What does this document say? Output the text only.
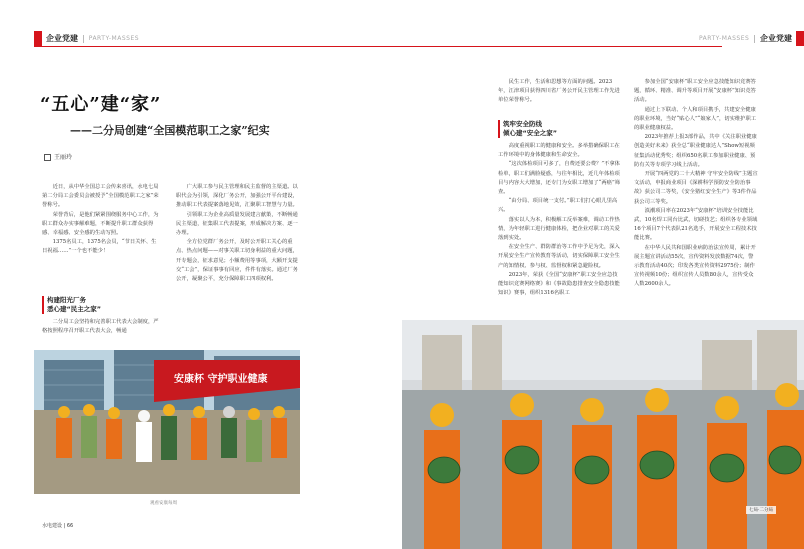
企业党建 | PARTY-MASSES
“五心”建“家”
——二分局创建“全国模范职工之家”纪实
王丽玲

近日，从中华全国总工会传来喜讯，水电七局第二分局工会委员会被授予“全国模范职工之家”荣誉称号。

荣誉背后，是他们紧紧围绕服务中心工作，为职工群众办实事解难题，不断提升职工群众获得感、幸福感、安全感的生动写照。

1375名员工，1375名会员，“节日关怀、生日祝福……”一个也不能少！

构建阳光厂务
悉心建“民主之家”

二分局工会坚持和完善职工代表大会制度，严格按照程序召开职工代表大会，畅通

广大职工参与民主管理和民主监督的主渠道。以职代会为引领，深化厂务公开，加强公开平台建设，推动职工代表提案落地见效，汇聚职工智慧与力量。

引领职工为企业高质量发展建言献策，不断畅通民主渠道，征集职工代表提案，形成解决方案、逐一办理。

全方位党群厂务公开，及时公开职工关心的重点、热点问题——对事关职工切身利益的重大问题，开专题会，征求意见；小额费用等事项，大额开支提交“工会”，保证事事有回应，件件有落实。通过厂务公开，凝聚公平，充分保障职工四项权利。

安康杯 守护职业健康
观看安康每周
水电建设 | 66
PARTY-MASSES | 企业党建

民生工作，生活和思想等方面的问题。2023年，江津项目获得四川省厂务公开民主管理工作先进单位荣誉称号。

筑牢安全防线
倾心建“安全之家”

高度重视职工的健康和安全。多举措确保职工在工作环境中的身体健康和生命安全。

“这次体检项目可多了，自费还要公费？”不拿体检单，职工们满脸疑惑，与往年相比，近几年体检项目与内容大大增加，还专门为女职工增加了“两癌”筛查。

“由分局、项目统一支付。”职工们打心眼儿里高兴。

落实以人为本，积极解工反举案难，调动工作热情，为年轻职工进行健康体检，把企业对职工的关爱落到实处。

在安全生产、群防群治等工作中予足为先，深入开展安全生产宣传教育等活动，切实保障职工安全生产的知情权、参与权、监督权和紧急避险权。

2023年，荣获《全国“安康杯”职工安全应急技能知识竞赛网络赛》和《事故隐患排查安全隐患技能知识》赛事，组织1316名职工

参加全国“安康杯”职工安全应急技能知识竞赛答题，循环、精准、调升等项目开展“安康杯”知识竞答活动。

通过上下联动、个人和项目携手，共建安全健康的职业环境，当好“贴心人”“娘家人”，切实维护职工的职业健康权益。

2023年推荐上报3部作品，共中《关注职业健康 创造美好未来》获全总“职业健康达人”Show短视频征集活动优秀奖；组织650名职工参加职业健康、预防有关等专项学习线上活动。

开展“四两党的二十大精神 守牢安全防线”主题宣文活动，申报商业项目《深耕科学预防安全防治事故》获公司二等奖，《安全猪红安全生产》等3件作品获公司三等奖。

滇潮项目率在2023年“安康杯”培训安全技能比武，10名焊工同台比武，切磋技艺；组织各专业领域16个项目7个代表队21名选手，开展安全工程技术技能比赛。

在中华人民共和国职业病防治法宣传周，累计开展主题宣讲活动55次，宣传资料发放数据74次，警示教育活动40次；印发各类宣传资料2975份；制作宣传视频10份；组织宣传人员数80余人，宣传受众人数2600余人。

七局·二分局
